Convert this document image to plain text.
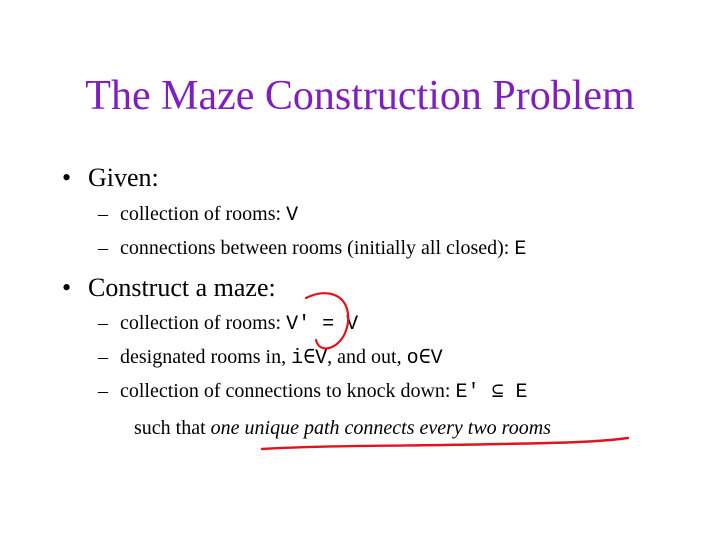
The Maze Construction Problem
• Given:
– collection of rooms: V
– connections between rooms (initially all closed): E
• Construct a maze:
– collection of rooms: V′ = V
– designated rooms in, i∈V, and out, o∈V
– collection of connections to knock down: E′ ⊆ E
such that one unique path connects every two rooms
